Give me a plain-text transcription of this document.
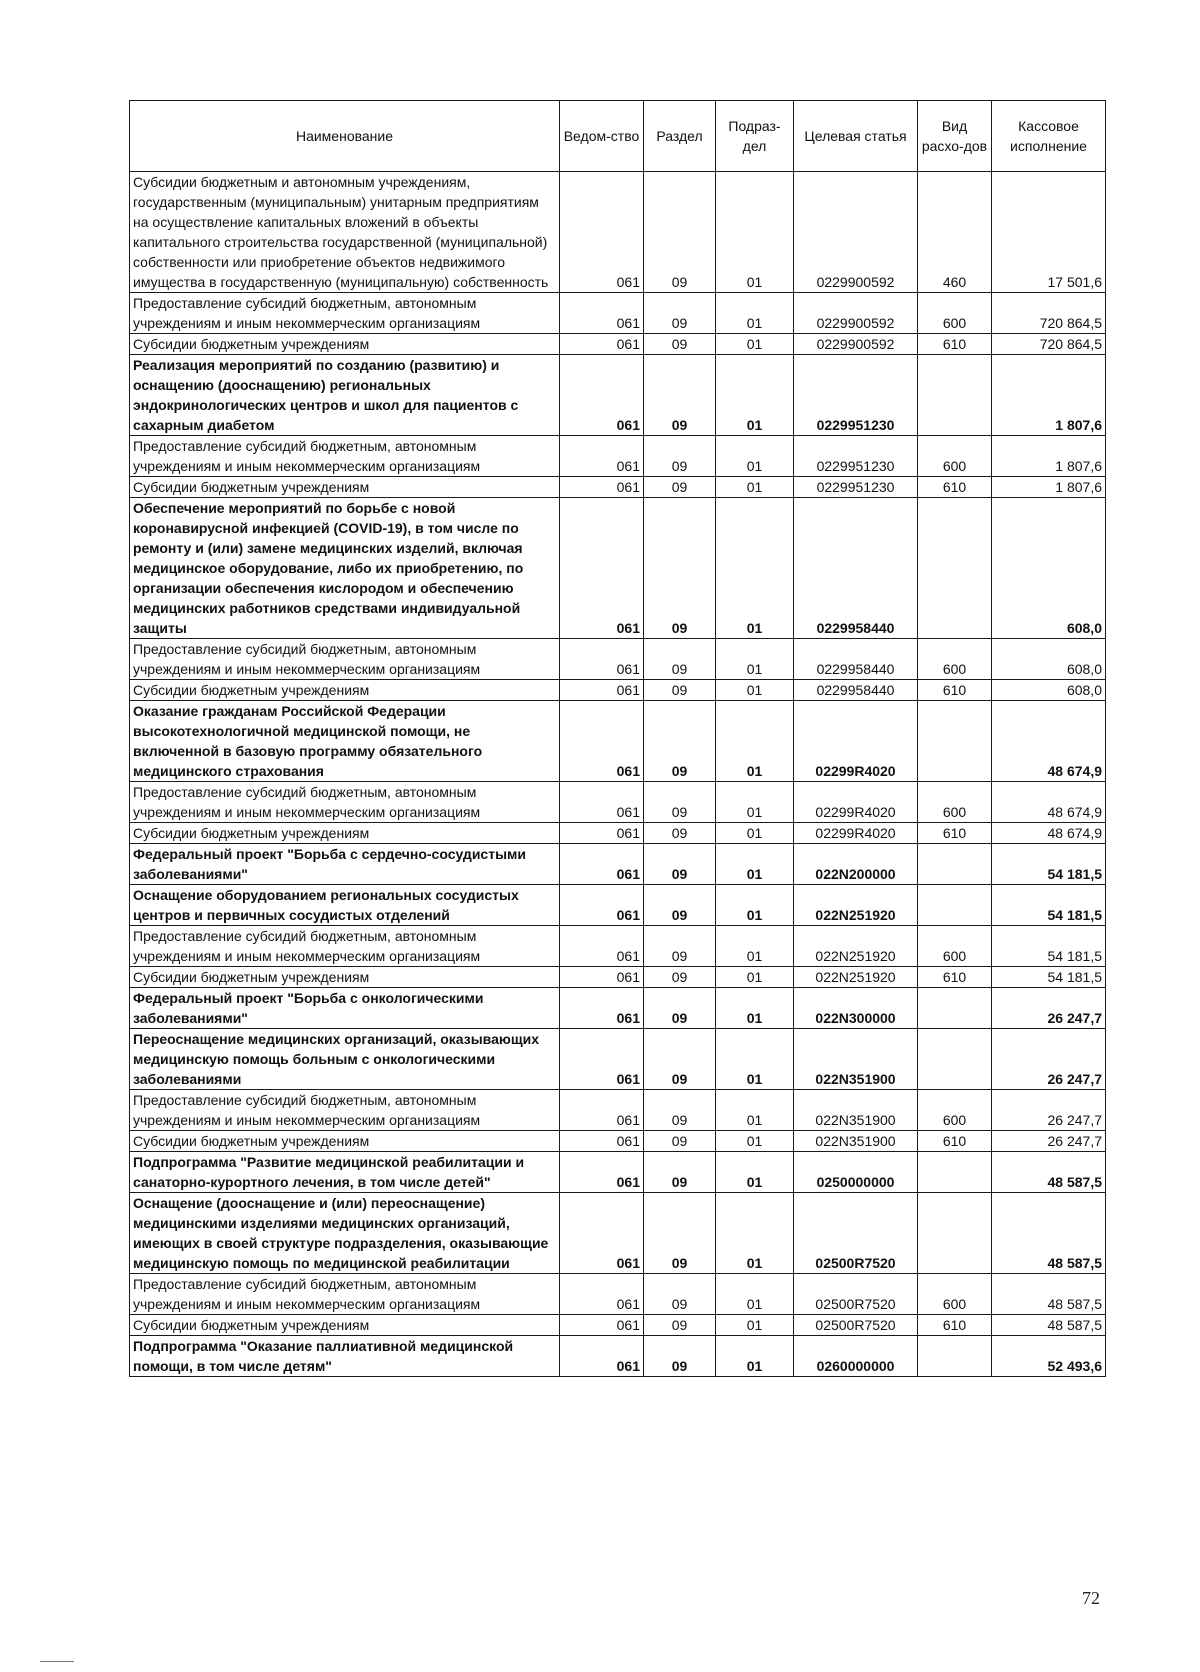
Наименование	Ведом-ство	Раздел	Подраз-дел	Целевая статья	Вид расхо-дов	Кассовое исполнение
Субсидии бюджетным и автономным учреждениям, государственным (муниципальным) унитарным предприятиям на осуществление капитальных вложений в объекты капитального строительства государственной (муниципальной) собственности или приобретение объектов недвижимого имущества в государственную (муниципальную) собственность	061	09	01	0229900592	460	17 501,6
Предоставление субсидий бюджетным, автономным учреждениям и иным некоммерческим организациям	061	09	01	0229900592	600	720 864,5
Субсидии бюджетным учреждениям	061	09	01	0229900592	610	720 864,5
Реализация мероприятий по созданию (развитию) и оснащению (дооснащению) региональных эндокринологических центров и школ для пациентов с сахарным диабетом	061	09	01	0229951230		1 807,6
Предоставление субсидий бюджетным, автономным учреждениям и иным некоммерческим организациям	061	09	01	0229951230	600	1 807,6
Субсидии бюджетным учреждениям	061	09	01	0229951230	610	1 807,6
Обеспечение мероприятий по борьбе с новой коронавирусной инфекцией (COVID-19), в том числе по ремонту и (или) замене медицинских изделий, включая медицинское оборудование, либо их приобретению, по организации обеспечения кислородом и обеспечению медицинских работников средствами индивидуальной защиты	061	09	01	0229958440		608,0
Предоставление субсидий бюджетным, автономным учреждениям и иным некоммерческим организациям	061	09	01	0229958440	600	608,0
Субсидии бюджетным учреждениям	061	09	01	0229958440	610	608,0
Оказание гражданам Российской Федерации высокотехнологичной медицинской помощи, не включенной в базовую программу обязательного медицинского страхования	061	09	01	02299R4020		48 674,9
Предоставление субсидий бюджетным, автономным учреждениям и иным некоммерческим организациям	061	09	01	02299R4020	600	48 674,9
Субсидии бюджетным учреждениям	061	09	01	02299R4020	610	48 674,9
Федеральный проект "Борьба с сердечно-сосудистыми заболеваниями"	061	09	01	022N200000		54 181,5
Оснащение оборудованием региональных сосудистых центров и первичных сосудистых отделений	061	09	01	022N251920		54 181,5
Предоставление субсидий бюджетным, автономным учреждениям и иным некоммерческим организациям	061	09	01	022N251920	600	54 181,5
Субсидии бюджетным учреждениям	061	09	01	022N251920	610	54 181,5
Федеральный проект "Борьба с онкологическими заболеваниями"	061	09	01	022N300000		26 247,7
Переоснащение медицинских организаций, оказывающих медицинскую помощь больным с онкологическими заболеваниями	061	09	01	022N351900		26 247,7
Предоставление субсидий бюджетным, автономным учреждениям и иным некоммерческим организациям	061	09	01	022N351900	600	26 247,7
Субсидии бюджетным учреждениям	061	09	01	022N351900	610	26 247,7
Подпрограмма "Развитие медицинской реабилитации и санаторно-курортного лечения, в том числе детей"	061	09	01	0250000000		48 587,5
Оснащение (дооснащение и (или) переоснащение) медицинскими изделиями медицинских организаций, имеющих в своей структуре подразделения, оказывающие медицинскую помощь по медицинской реабилитации	061	09	01	02500R7520		48 587,5
Предоставление субсидий бюджетным, автономным учреждениям и иным некоммерческим организациям	061	09	01	02500R7520	600	48 587,5
Субсидии бюджетным учреждениям	061	09	01	02500R7520	610	48 587,5
Подпрограмма "Оказание паллиативной медицинской помощи, в том числе детям"	061	09	01	0260000000		52 493,6
72
